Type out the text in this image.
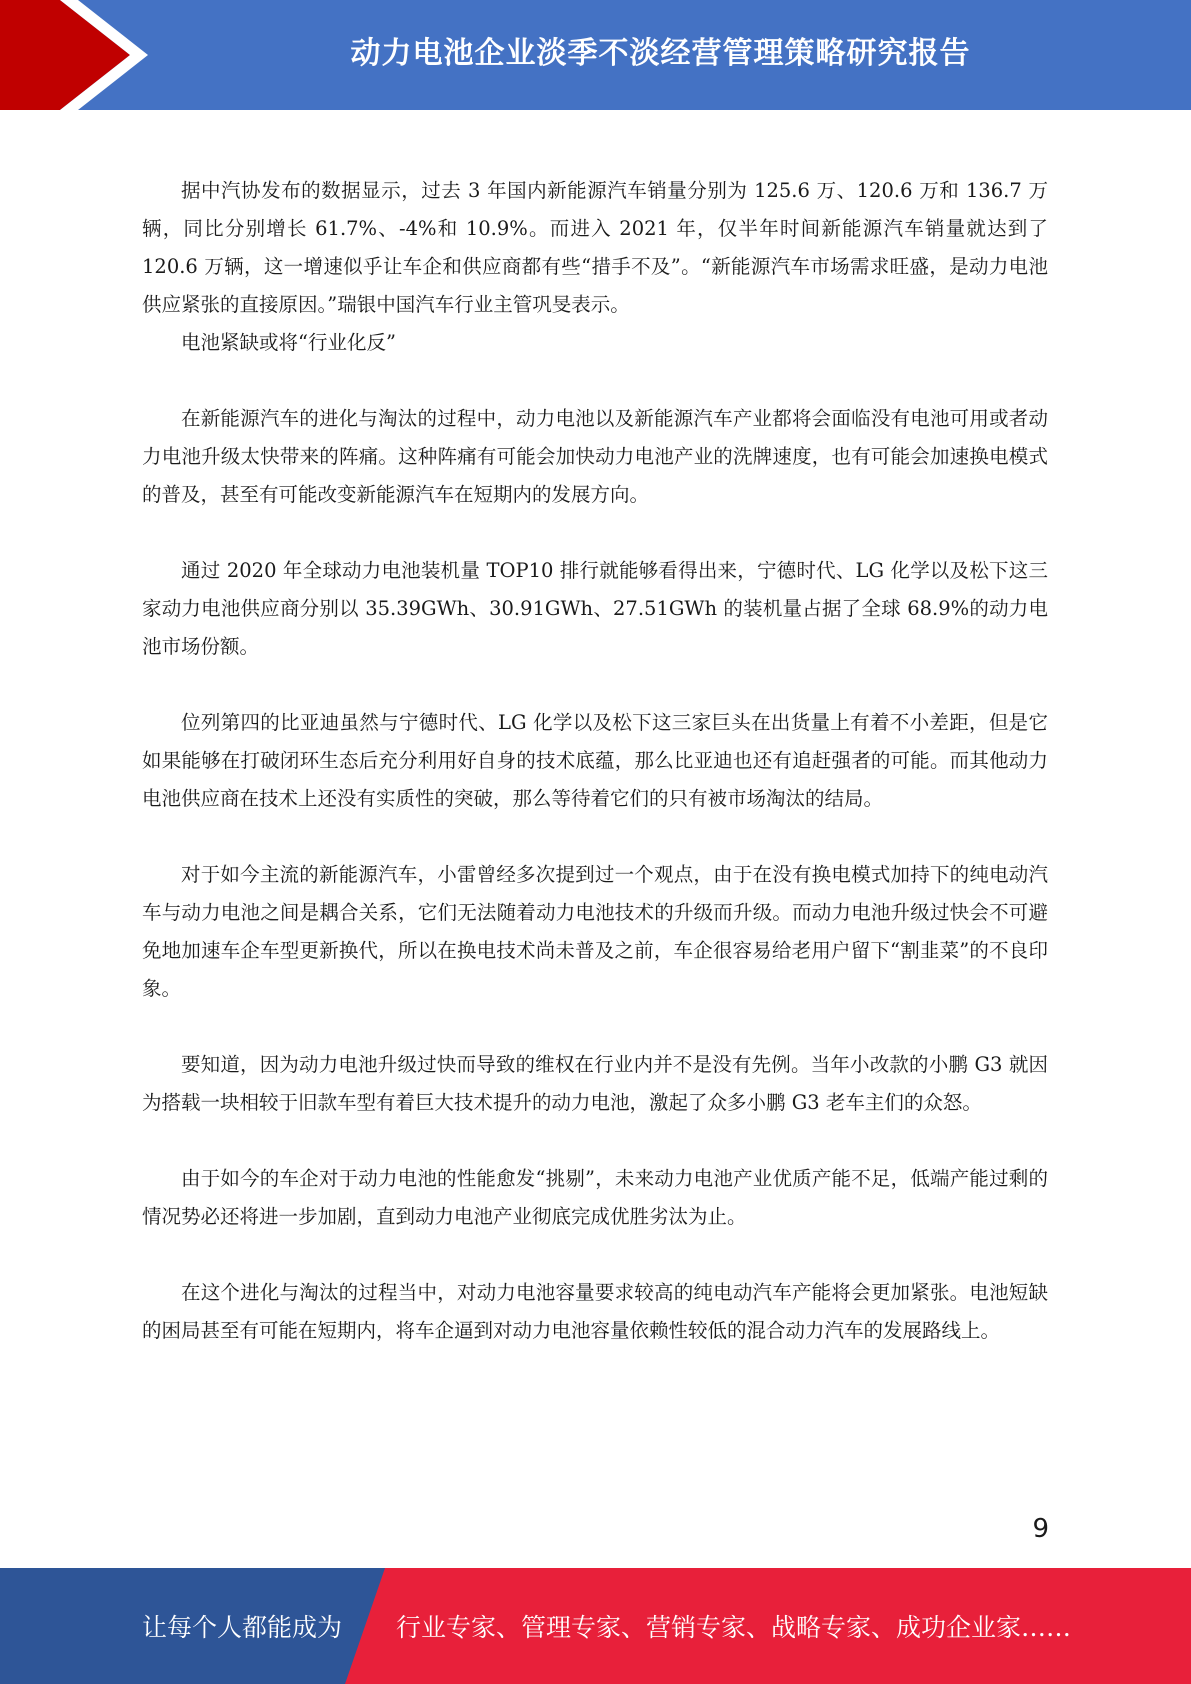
动力电池企业淡季不淡经营管理策略研究报告

据中汽协发布的数据显示，过去 3 年国内新能源汽车销量分别为 125.6 万、120.6 万和 136.7 万辆，同比分别增长 61.7%、-4%和 10.9%。而进入 2021 年，仅半年时间新能源汽车销量就达到了 120.6 万辆，这一增速似乎让车企和供应商都有些“措手不及”。“新能源汽车市场需求旺盛，是动力电池供应紧张的直接原因。”瑞银中国汽车行业主管巩旻表示。

电池紧缺或将“行业化反”

在新能源汽车的进化与淘汰的过程中，动力电池以及新能源汽车产业都将会面临没有电池可用或者动力电池升级太快带来的阵痛。这种阵痛有可能会加快动力电池产业的洗牌速度，也有可能会加速换电模式的普及，甚至有可能改变新能源汽车在短期内的发展方向。

通过 2020 年全球动力电池装机量 TOP10 排行就能够看得出来，宁德时代、LG 化学以及松下这三家动力电池供应商分别以 35.39GWh、30.91GWh、27.51GWh 的装机量占据了全球 68.9%的动力电池市场份额。

位列第四的比亚迪虽然与宁德时代、LG 化学以及松下这三家巨头在出货量上有着不小差距，但是它如果能够在打破闭环生态后充分利用好自身的技术底蕴，那么比亚迪也还有追赶强者的可能。而其他动力电池供应商在技术上还没有实质性的突破，那么等待着它们的只有被市场淘汰的结局。

对于如今主流的新能源汽车，小雷曾经多次提到过一个观点，由于在没有换电模式加持下的纯电动汽车与动力电池之间是耦合关系，它们无法随着动力电池技术的升级而升级。而动力电池升级过快会不可避免地加速车企车型更新换代，所以在换电技术尚未普及之前，车企很容易给老用户留下“割韭菜”的不良印象。

要知道，因为动力电池升级过快而导致的维权在行业内并不是没有先例。当年小改款的小鹏 G3 就因为搭载一块相较于旧款车型有着巨大技术提升的动力电池，激起了众多小鹏 G3 老车主们的众怒。

由于如今的车企对于动力电池的性能愈发“挑剔”，未来动力电池产业优质产能不足，低端产能过剩的情况势必还将进一步加剧，直到动力电池产业彻底完成优胜劣汰为止。

在这个进化与淘汰的过程当中，对动力电池容量要求较高的纯电动汽车产能将会更加紧张。电池短缺的困局甚至有可能在短期内，将车企逼到对动力电池容量依赖性较低的混合动力汽车的发展路线上。

9
让每个人都能成为 行业专家、管理专家、营销专家、战略专家、成功企业家……
